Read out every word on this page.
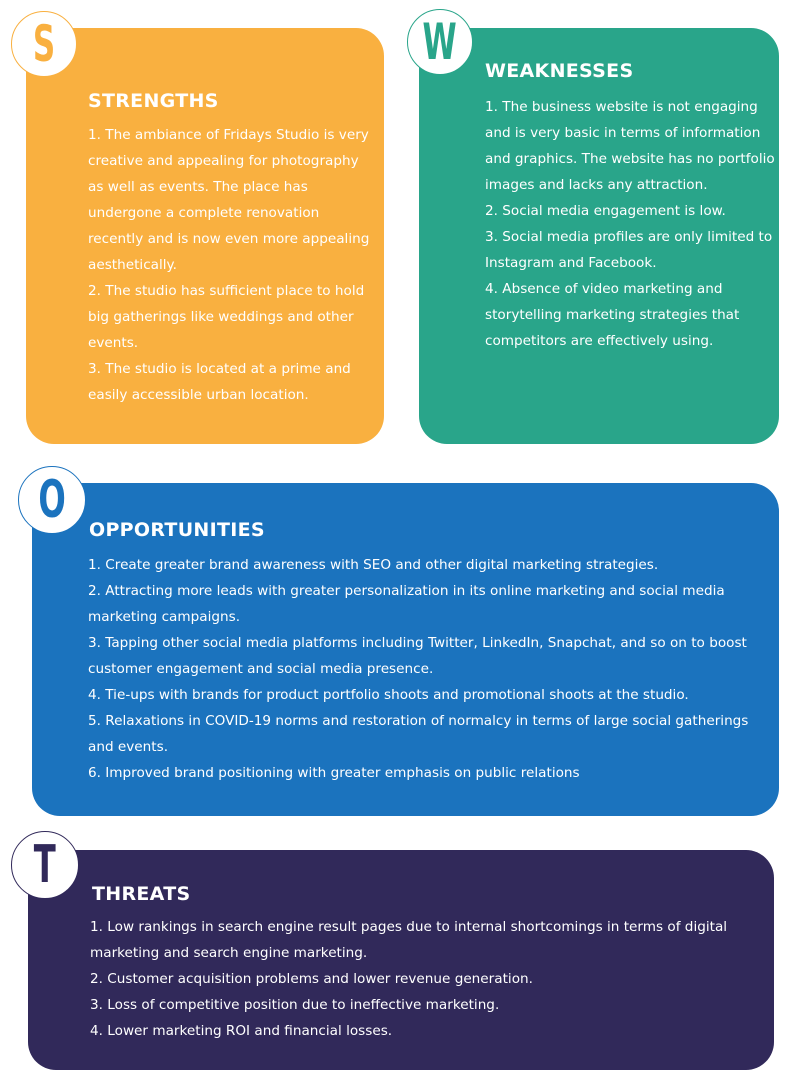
STRENGTHS
1. The ambiance of Fridays Studio is very creative and appealing for photography as well as events. The place has undergone a complete renovation recently and is now even more appealing aesthetically.
2. The studio has sufficient place to hold big gatherings like weddings and other events.
3. The studio is located at a prime and easily accessible urban location.
S	WEAKNESSES
1. The business website is not engaging and is very basic in terms of information and graphics. The website has no portfolio images and lacks any attraction.
2. Social media engagement is low.
3. Social media profiles are only limited to Instagram and Facebook.
4. Absence of video marketing and storytelling marketing strategies that competitors are effectively using.
W
OPPORTUNITIES
1. Create greater brand awareness with SEO and other digital marketing strategies.
2. Attracting more leads with greater personalization in its online marketing and social media marketing campaigns.
3. Tapping other social media platforms including Twitter, LinkedIn, Snapchat, and so on to boost customer engagement and social media presence.
4. Tie-ups with brands for product portfolio shoots and promotional shoots at the studio.
5. Relaxations in COVID-19 norms and restoration of normalcy in terms of large social gatherings and events.
6. Improved brand positioning with greater emphasis on public relations
O
THREATS
1. Low rankings in search engine result pages due to internal shortcomings in terms of digital marketing and search engine marketing.
2. Customer acquisition problems and lower revenue generation.
3. Loss of competitive position due to ineffective marketing.
4. Lower marketing ROI and financial losses.
T
